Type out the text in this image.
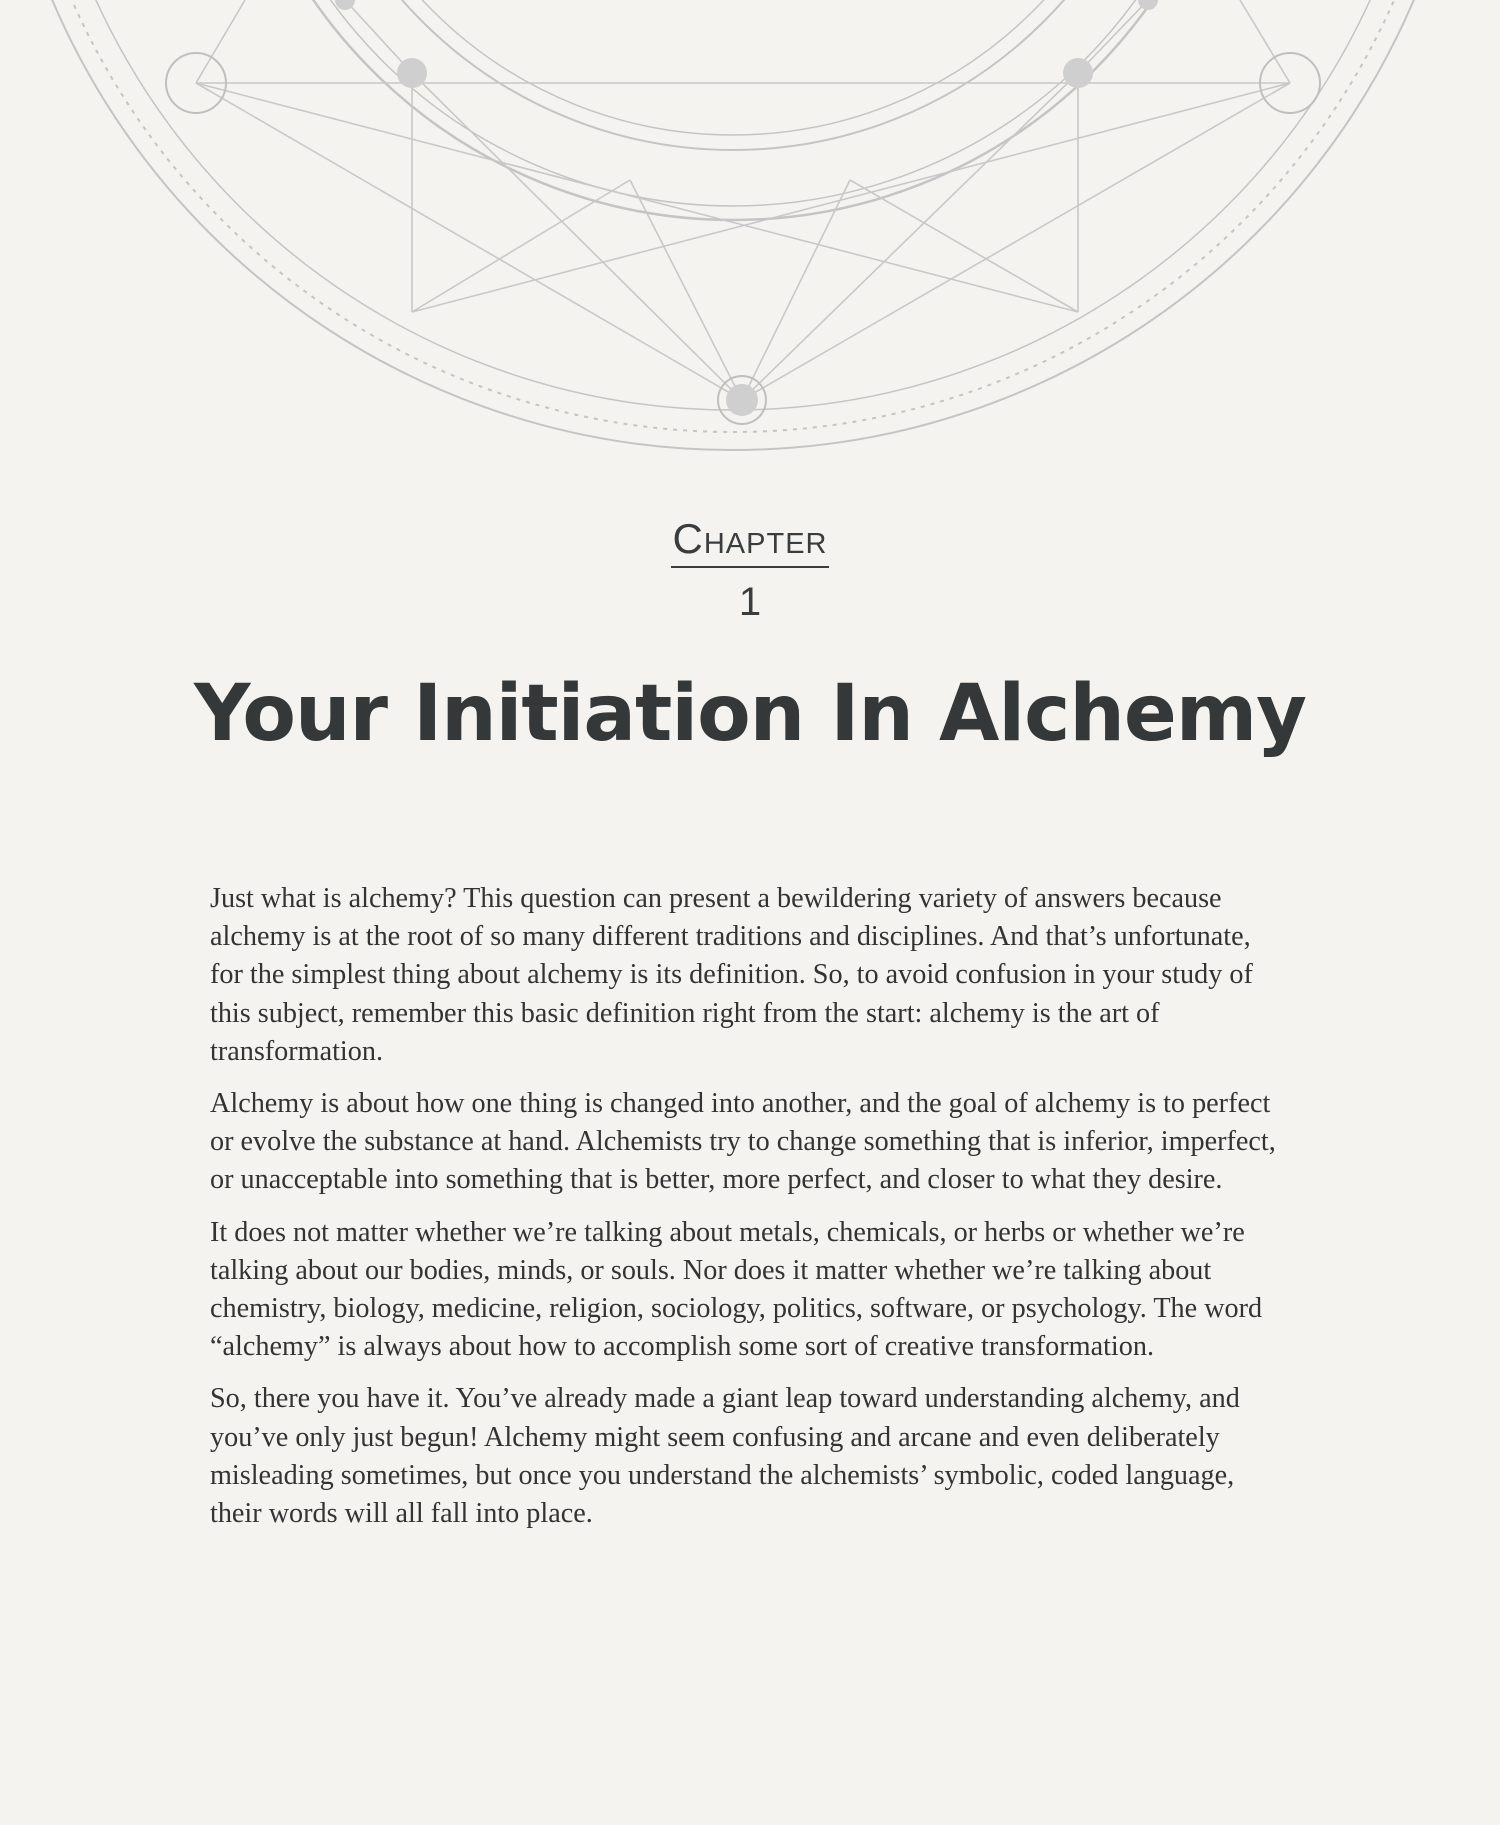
Chapter
1
Your Initiation In Alchemy

Just what is alchemy? This question can present a bewildering variety of answers because alchemy is at the root of so many different traditions and disciplines. And that’s unfortunate, for the simplest thing about alchemy is its definition. So, to avoid confusion in your study of this subject, remember this basic definition right from the start: alchemy is the art of transformation.

Alchemy is about how one thing is changed into another, and the goal of alchemy is to perfect or evolve the substance at hand. Alchemists try to change something that is inferior, imperfect, or unacceptable into something that is better, more perfect, and closer to what they desire.

It does not matter whether we’re talking about metals, chemicals, or herbs or whether we’re talking about our bodies, minds, or souls. Nor does it matter whether we’re talking about chemistry, biology, medicine, religion, sociology, politics, software, or psychology. The word “alchemy” is always about how to accomplish some sort of creative transformation.

So, there you have it. You’ve already made a giant leap toward understanding alchemy, and you’ve only just begun! Alchemy might seem confusing and arcane and even deliberately misleading sometimes, but once you understand the alchemists’ symbolic, coded language, their words will all fall into place.
